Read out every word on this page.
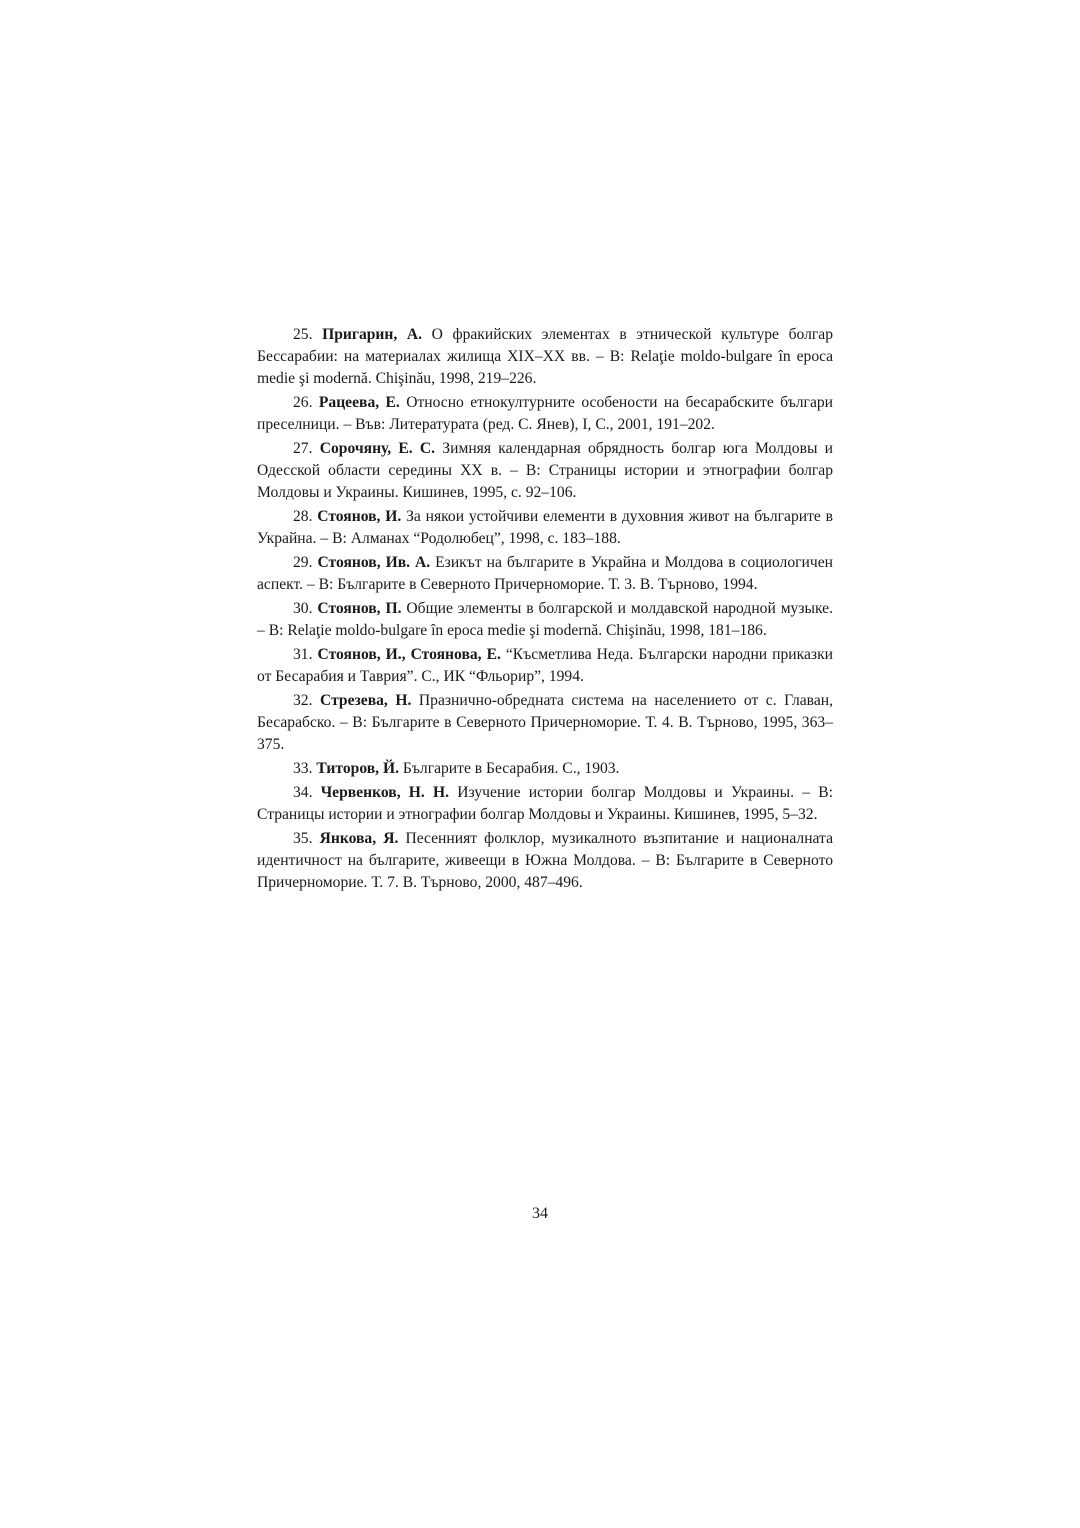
25. Пригарин, А. О фракийских элементах в этнической культуре болгар Бессарабии: на материалах жилища XIX–XX вв. – В: Relaţie moldo-bulgare în epoca medie şi modernă. Chişinău, 1998, 219–226.

26. Рацеева, Е. Относно етнокултурните особености на бесарабските българи преселници. – Във: Литературата (ред. С. Янев), I, С., 2001, 191–202.

27. Сорочяну, Е. С. Зимняя календарная обрядность болгар юга Молдовы и Одесской области середины XX в. – В: Страницы истории и этнографии болгар Молдовы и Украины. Кишинев, 1995, с. 92–106.

28. Стоянов, И. За някои устойчиви елементи в духовния живот на българите в Украйна. – В: Алманах “Родолюбец”, 1998, с. 183–188.

29. Стоянов, Ив. А. Езикът на българите в Украйна и Молдова в социологичен аспект. – В: Българите в Северното Причерноморие. Т. 3. В. Търново, 1994.

30. Стоянов, П. Общие элементы в болгарской и молдавской народной музыке. – В: Relaţie moldo-bulgare în epoca medie şi modernă. Chişinău, 1998, 181–186.

31. Стоянов, И., Стоянова, Е. “Късметлива Неда. Български народни приказки от Бесарабия и Таврия”. С., ИК “Фльорир”, 1994.

32. Стрезева, Н. Празнично-обредната система на населението от с. Главан, Бесарабско. – В: Българите в Северното Причерноморие. Т. 4. В. Търново, 1995, 363–375.

33. Титоров, Й. Българите в Бесарабия. С., 1903.

34. Червенков, Н. Н. Изучение истории болгар Молдовы и Украины. – В: Страницы истории и этнографии болгар Молдовы и Украины. Кишинев, 1995, 5–32.

35. Янкова, Я. Песенният фолклор, музикалното възпитание и националната идентичност на българите, живеещи в Южна Молдова. – В: Българите в Северното Причерноморие. Т. 7. В. Търново, 2000, 487–496.

34
